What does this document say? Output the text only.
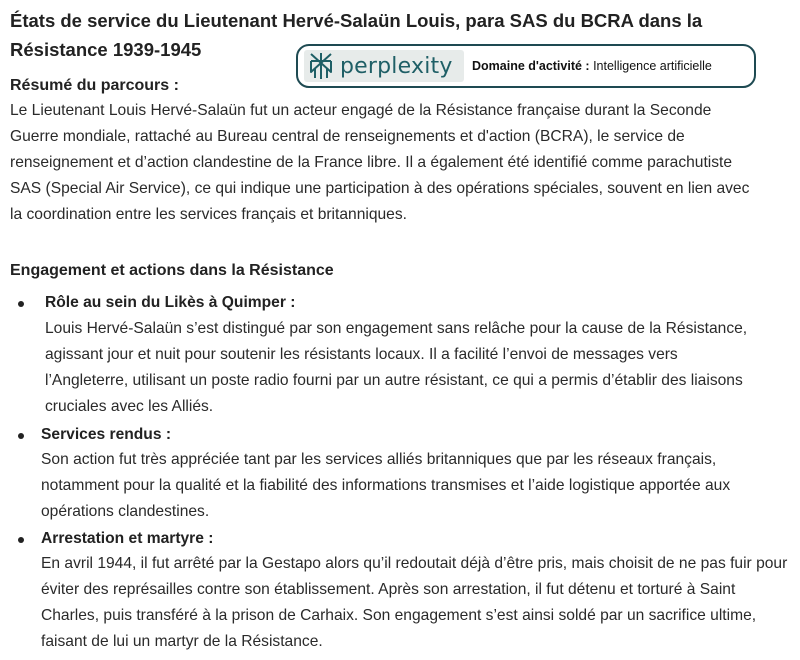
États de service du Lieutenant Hervé-Salaün Louis, para SAS du BCRA dans la Résistance 1939-1945
perplexity Domaine d'activité : Intelligence artificielle
Résumé du parcours :
Le Lieutenant Louis Hervé-Salaün fut un acteur engagé de la Résistance française durant la Seconde Guerre mondiale, rattaché au Bureau central de renseignements et d'action (BCRA), le service de renseignement et d’action clandestine de la France libre. Il a également été identifié comme parachutiste SAS (Special Air Service), ce qui indique une participation à des opérations spéciales, souvent en lien avec la coordination entre les services français et britanniques.
Engagement et actions dans la Résistance
Rôle au sein du Likès à Quimper :
Louis Hervé-Salaün s’est distingué par son engagement sans relâche pour la cause de la Résistance, agissant jour et nuit pour soutenir les résistants locaux. Il a facilité l’envoi de messages vers l’Angleterre, utilisant un poste radio fourni par un autre résistant, ce qui a permis d’établir des liaisons cruciales avec les Alliés.
Services rendus :
Son action fut très appréciée tant par les services alliés britanniques que par les réseaux français, notamment pour la qualité et la fiabilité des informations transmises et l’aide logistique apportée aux opérations clandestines.
Arrestation et martyre :
En avril 1944, il fut arrêté par la Gestapo alors qu’il redoutait déjà d’être pris, mais choisit de ne pas fuir pour éviter des représailles contre son établissement. Après son arrestation, il fut détenu et torturé à Saint Charles, puis transféré à la prison de Carhaix. Son engagement s’est ainsi soldé par un sacrifice ultime, faisant de lui un martyr de la Résistance.
